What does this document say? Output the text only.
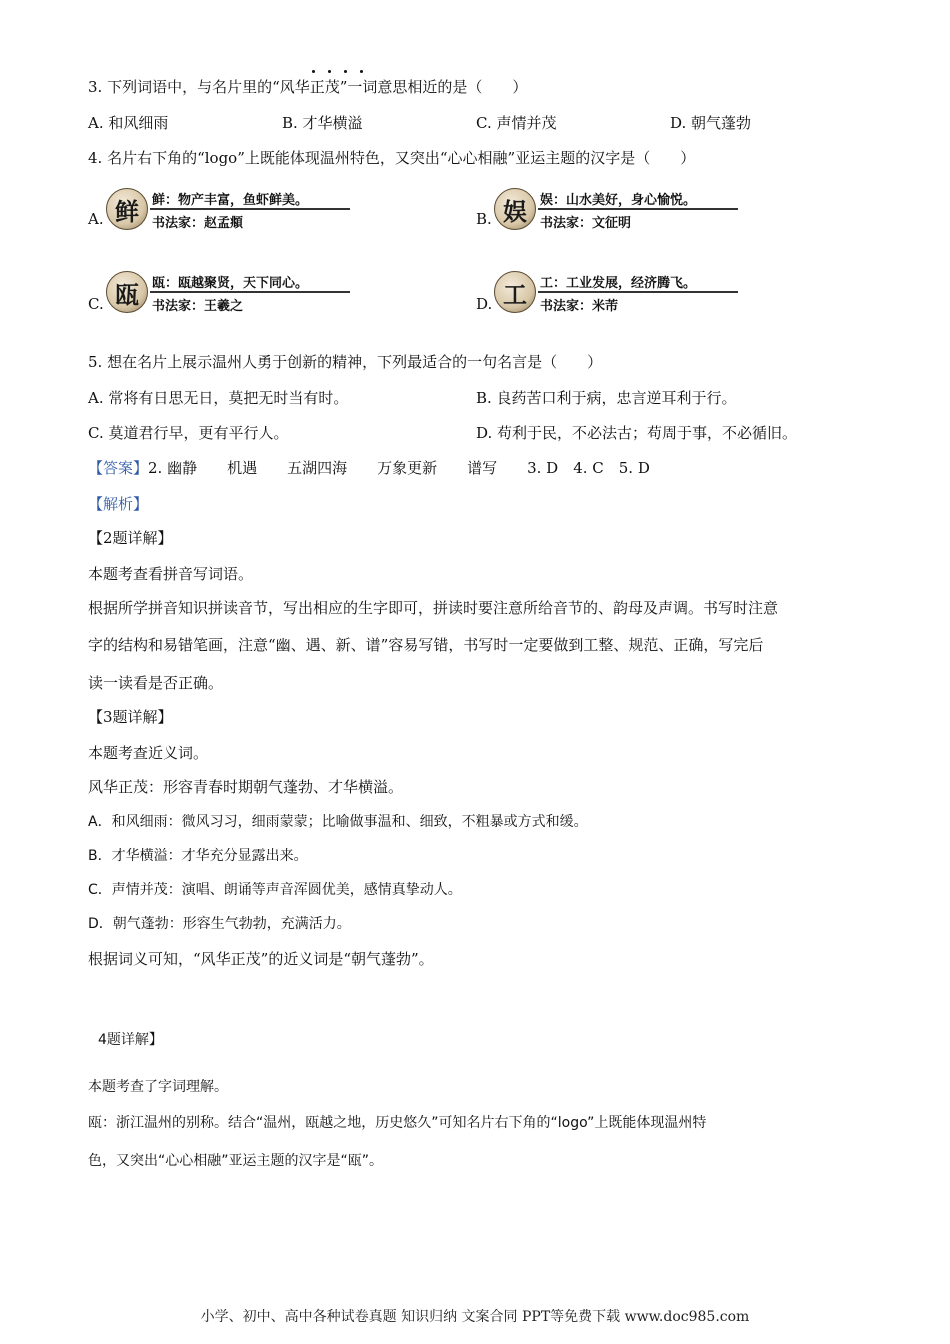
3. 下列词语中，与名片里的“风华正茂”一词意思相近的是（　　）
A. 和风细雨	B. 才华横溢	C. 声情并茂	D. 朝气蓬勃
4. 名片右下角的“logo”上既能体现温州特色，又突出“心心相融”亚运主题的汉字是（　　）
A. 鲜	鲜：物产丰富，鱼虾鲜美。
书法家：赵孟頫	B. 娱	娱：山水美好，身心愉悦。
书法家：文征明
C. 瓯	瓯：瓯越聚贤，天下同心。
书法家：王羲之	D. 工	工：工业发展，经济腾飞。
书法家：米芾
5. 想在名片上展示温州人勇于创新的精神，下列最适合的一句名言是（　　）
A. 常将有日思无日，莫把无时当有时。	B. 良药苦口利于病，忠言逆耳利于行。
C. 莫道君行早，更有平行人。	D. 苟利于民，不必法古；苟周于事，不必循旧。
【答案】2. 幽静　　机遇　　五湖四海　　万象更新　　谱写　　3. D　4. C　5. D
【解析】
【2题详解】
本题考查看拼音写词语。
根据所学拼音知识拼读音节，写出相应的生字即可，拼读时要注意所给音节的、韵母及声调。书写时注意
字的结构和易错笔画，注意“幽、遇、新、谱”容易写错，书写时一定要做到工整、规范、正确，写完后
读一读看是否正确。
【3题详解】
本题考查近义词。
风华正茂：形容青春时期朝气蓬勃、才华横溢。
A．和风细雨：微风习习，细雨蒙蒙；比喻做事温和、细致，不粗暴或方式和缓。
B．才华横溢：才华充分显露出来。
C．声情并茂：演唱、朗诵等声音浑圆优美，感情真挚动人。
D．朝气蓬勃：形容生气勃勃，充满活力。
根据词义可知，“风华正茂”的近义词是“朝气蓬勃”。
4题详解】
本题考查了字词理解。
瓯：浙江温州的别称。结合“温州，瓯越之地，历史悠久”可知名片右下角的“logo”上既能体现温州特
色，又突出“心心相融”亚运主题的汉字是“瓯”。
小学、初中、高中各种试卷真题 知识归纳 文案合同 PPT等免费下载 www.doc985.com
